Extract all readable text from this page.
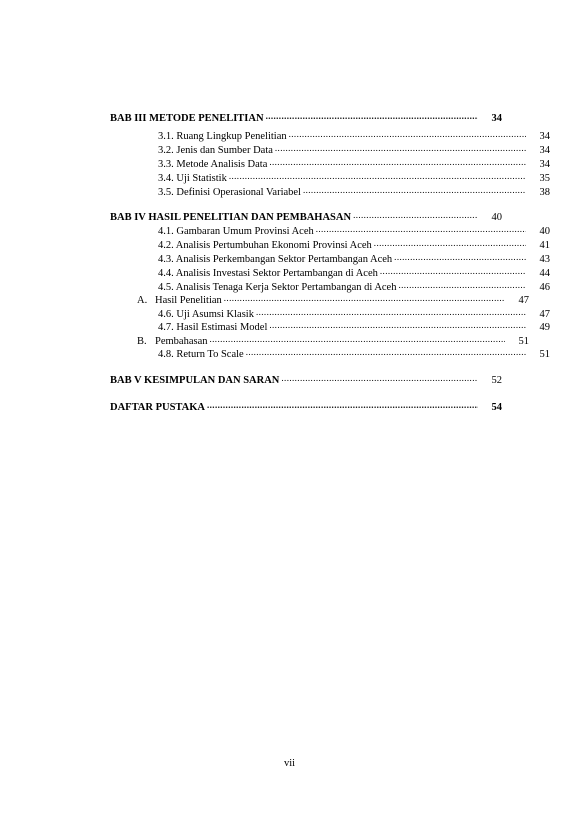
BAB III METODE PENELITIAN .....	34
3.1. Ruang Lingkup Penelitian .....	34
3.2. Jenis dan Sumber Data .....	34
3.3. Metode Analisis Data .....	34
3.4. Uji Statistik .....	35
3.5. Definisi Operasional Variabel .....	38
BAB IV HASIL PENELITIAN DAN PEMBAHASAN .....	40
4.1. Gambaran Umum Provinsi Aceh .....	40
4.2. Analisis Pertumbuhan Ekonomi Provinsi Aceh .....	41
4.3. Analisis Perkembangan Sektor Pertambangan Aceh .....	43
4.4. Analisis Investasi Sektor Pertambangan di Aceh .....	44
4.5. Analisis Tenaga Kerja Sektor Pertambangan di Aceh .....	46
A. Hasil Penelitian .....	47
4.6. Uji Asumsi Klasik .....	47
4.7. Hasil Estimasi Model .....	49
B. Pembahasan .....	51
4.8. Return To Scale .....	51
BAB V KESIMPULAN DAN SARAN .....	52
DAFTAR PUSTAKA .....	54
vii
